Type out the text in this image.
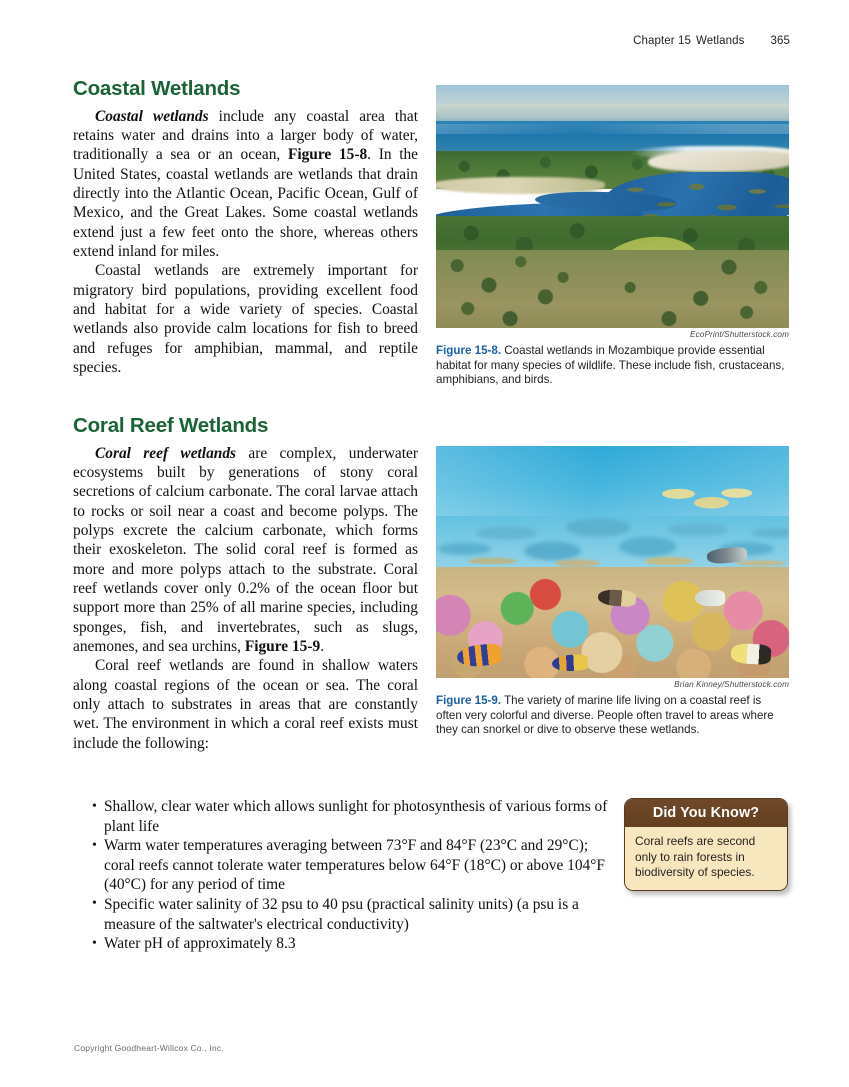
Chapter 15 Wetlands 365
Coastal Wetlands

Coastal wetlands include any coastal area that retains water and drains into a larger body of water, traditionally a sea or an ocean, Figure 15-8. In the United States, coastal wetlands are wetlands that drain directly into the Atlantic Ocean, Pacific Ocean, Gulf of Mexico, and the Great Lakes. Some coastal wetlands extend just a few feet onto the shore, whereas others extend inland for miles.

Coastal wetlands are extremely important for migratory bird populations, providing excellent food and habitat for a wide variety of species. Coastal wetlands also provide calm locations for fish to breed and refuges for amphibian, mammal, and reptile species.

Coral Reef Wetlands

Coral reef wetlands are complex, underwater ecosystems built by generations of stony coral secretions of calcium carbonate. The coral larvae attach to rocks or soil near a coast and become polyps. The polyps excrete the calcium carbonate, which forms their exoskeleton. The solid coral reef is formed as more and more polyps attach to the substrate. Coral reef wetlands cover only 0.2% of the ocean floor but support more than 25% of all marine species, including sponges, fish, and invertebrates, such as slugs, anemones, and sea urchins, Figure 15-9.

Coral reef wetlands are found in shallow waters along coastal regions of the ocean or sea. The coral only attach to substrates in areas that are constantly wet. The environment in which a coral reef exists must include the following:

• Shallow, clear water which allows sunlight for photosynthesis of various forms of plant life
• Warm water temperatures averaging between 73°F and 84°F (23°C and 29°C); coral reefs cannot tolerate water temperatures below 64°F (18°C) or above 104°F (40°C) for any period of time
• Specific water salinity of 32 psu to 40 psu (practical salinity units) (a psu is a measure of the saltwater's electrical conductivity)
• Water pH of approximately 8.3
EcoPrint/Shutterstock.com
Figure 15-8. Coastal wetlands in Mozambique provide essential habitat for many species of wildlife. These include fish, crustaceans, amphibians, and birds.
Brian Kinney/Shutterstock.com
Figure 15-9. The variety of marine life living on a coastal reef is often very colorful and diverse. People often travel to areas where they can snorkel or dive to observe these wetlands.
Did You Know?
Coral reefs are second only to rain forests in biodiversity of species.
Copyright Goodheart-Willcox Co., Inc.
